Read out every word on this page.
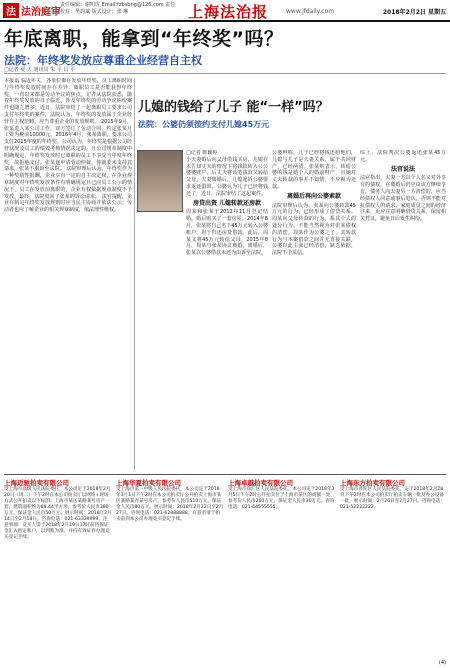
法 法治庭审
责任编辑：谢明虎 Email:fzbsbng@126.com 责任校对：吴韵斌 版式设计：张 琳	上海法治报	www.jfdaily.com	2018年2月2日 星期五
年底离职，能拿到“年终奖”吗？
法院：年终奖发放应尊重企业经营自主权
□记者 夏 天 通讯员 朱 平 吕 平
本报讯 临近年关，各单位都在发放年终奖，员工离职时间与年终奖发放时间存在差异。离职员工是否能获得年终奖，一直以来都是劳动争议的焦点。记者从法院获悉，随着年终奖发放的日子临近，涉及年终奖的劳动争议纠纷案件也随之增多。近日，法院审结了一起离职员工要求公司支付年终奖的案件，法院认为，年终奖的发放属于企业经营自主权范畴，应当尊重企业的发放规则。 2015年9月，张某进入某公司工作，双方签订了劳动合同，约定张某月工资为税前10000元。2016年4月，张某离职，要求公司支付2015年度的年终奖。公司认为，年终奖是根据公司经营状况及员工的绩效考核情况决定的，且公司规章制度中明确规定，年终奖发放时已离职的员工不享受当年度年终奖，故拒绝支付。张某遂申请劳动仲裁，仲裁委未支持其请求，张某不服诉至法院。 法院审理后认为，年终奖作为一种奖励性报酬，企业享有一定的自主决定权，在企业规章制度对年终奖发放条件有明确规定且已向员工公示的情况下，员工在发放前离职的，企业有权依据规章制度不予发放。最终，法院驳回了张某的诉讼请求。 法官提醒，企业在制定年终奖发放规则时应当民主协商并依法公示；劳动者也应了解企业的相关规章制度，依法理性维权。
儿媳的钱给了儿子 能“一样”吗？
法院：公婆仍须按约支付儿媳45万元
□记者 陈颖婷
小夫妻婚后向父母借钱买房，儿媳在未告知丈夫的情况下将钱款转入公公婆婆账户，后丈夫将该笔钱款又转给父母。夫妻离婚后，儿媳起诉公婆要求返还借款，公婆认为儿子已经将钱还了，近日，法院审结了这起案件。
房贷出资 儿媳转款还房款
周某和张某于2012年11月登记结婚，婚后购买了一套房屋。2014年8月，张某将自己名下45万元转入公婆账户，用于归还房贷借款。此后，周某又将45万元转给父母。2015年8月，周某与张某协议离婚。离婚后，张某以公婆借款未还为由诉至法院。
公婆辩称，儿子已经将钱还给他们，儿媳与儿子是夫妻关系，属于共同财产，已经两清。张某则表示，转给公婆的钱是她个人的婚前财产，且她对丈夫转款的事并不知情，不应视为还款。
离婚后再向公婆索款
法院审理后认为，张某向公婆转款45万元的行为，已经形成了借贷关系。周某向父母转款的行为，系其个人的处分行为，不能当然视为对张某债权的清偿。周某作为公婆之子，其转款行为与本案借款之间并无直接关联，公婆以此主张已经清偿，缺乏依据，法院不予采信。
综上，法院判决公婆返还张某45万元。
法官说法
法官指出，夫妻一方以个人名义对外享有的债权，在离婚后仍应由该方继续享有，债务人向夫妻另一方清偿的，应当经债权人同意或事后追认，否则不能对抗债权人的请求。家庭成员之间的经济往来，更应注意明确借贷关系，保留相关凭证，避免日后发生纠纷。
上海迈驰拍卖有限公司
受上海市高级人民法院委托，本公司定于2018年2月20日（周二）下午2时在本公司拍卖厅以网络+现场方式公开拍卖以下标的：上海市某区某路某号房产一套，建筑面积约为89.44平方米，参考价人民币380万元，保证金人民币50万元。展示时间：2018年2月14日至2月18日。咨询电话：021-63339999。注意事项：竞买人需于2018年2月19日17时前将保证金汇入指定账户，以到账为准，并持有效证件办理竞买登记手续。
上海华夏拍卖有限公司
受上海市第一中级人民法院委托，本公司定于2018年3月1日下午2时在本公司拍卖厅公开拍卖上海市某区某路某弄某号房产，参考价人民币510万元，保证金人民币80万元。展示时间：2018年2月22日至2月27日。咨询电话：021-62888888。有意者请于拍卖前到本公司办理竞买登记手续。
上海卓越拍卖有限公司
受上海市徐汇区人民法院委托，本公司定于2018年3月5日下午2时公开拍卖位于上海市某区的商铺一处，参考价人民币260万元，保证金人民币30万元。咨询电话：021-64555555。
上海东方拍卖有限公司
受上海市普陀区人民法院委托，定于2018年2月28日下午2时在本公司拍卖厅拍卖车辆一批及办公设备一批，展示时间：2月26日至2月27日。咨询电话：021-52222222。
(4)
